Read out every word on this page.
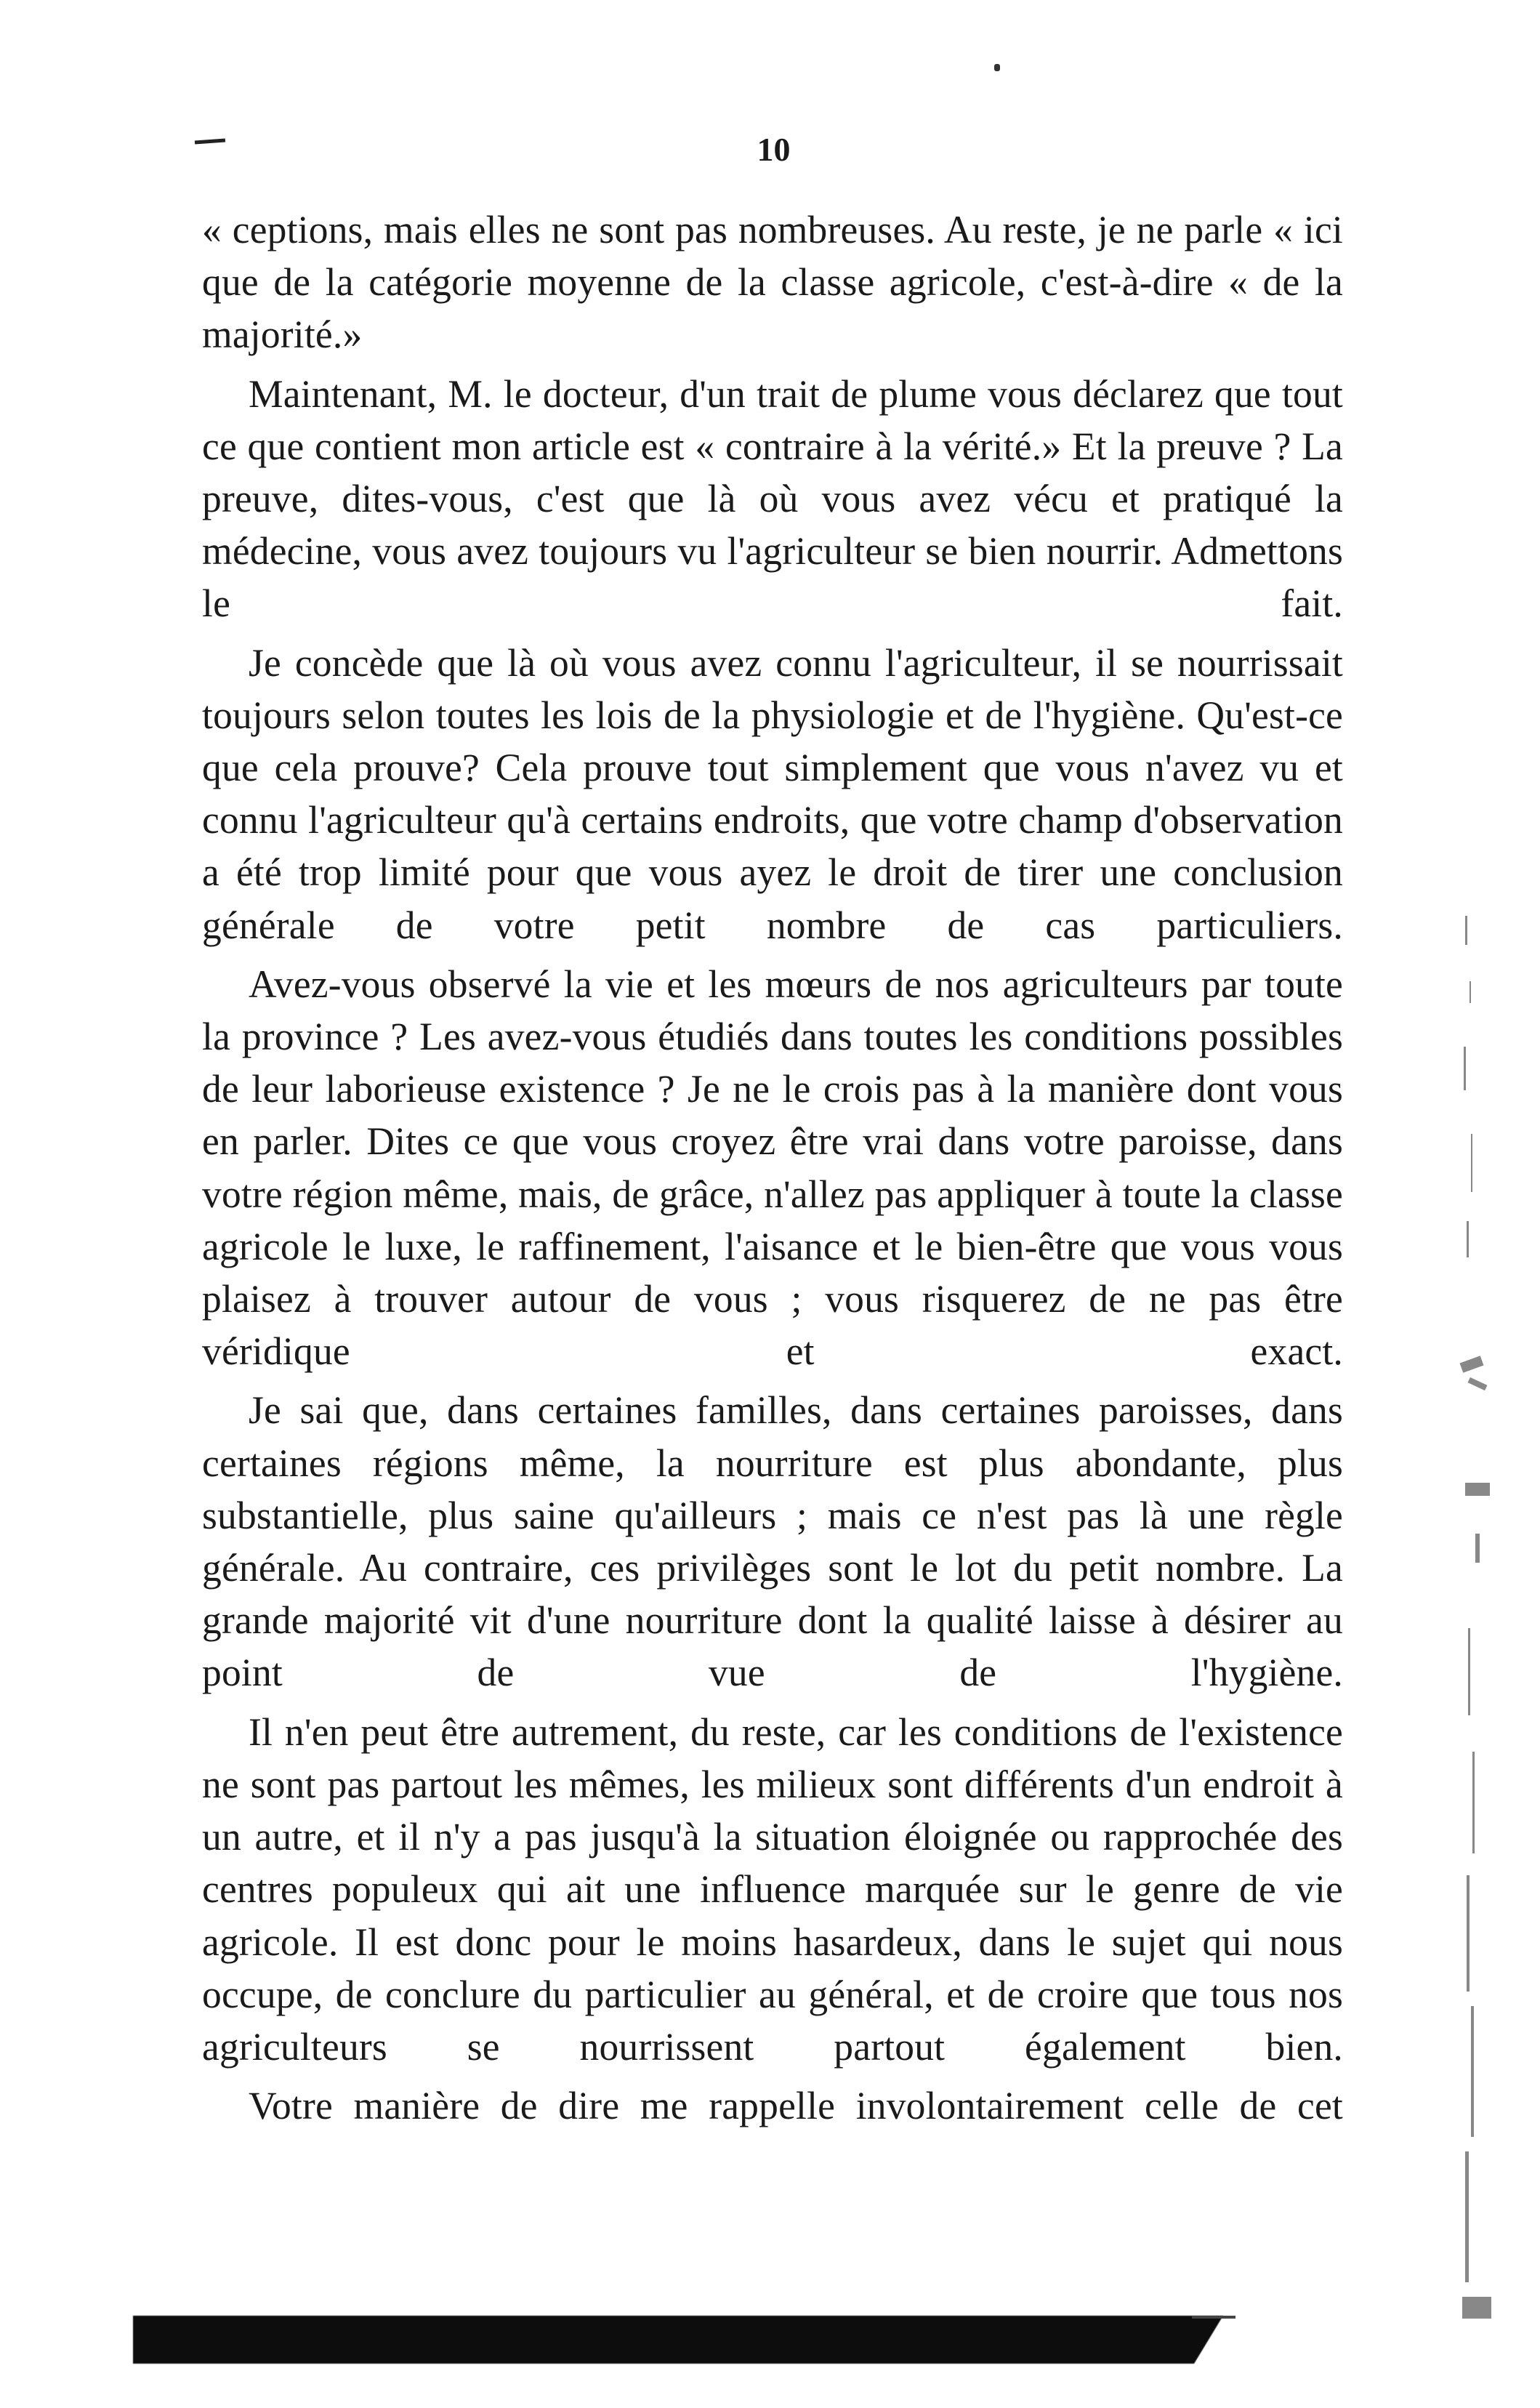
10

« ceptions, mais elles ne sont pas nombreuses. Au reste, je ne parle « ici que de la catégorie moyenne de la classe agricole, c'est-à-dire « de la majorité.»

Maintenant, M. le docteur, d'un trait de plume vous déclarez que tout ce que contient mon article est « contraire à la vérité.» Et la preuve ? La preuve, dites-vous, c'est que là où vous avez vécu et pratiqué la médecine, vous avez toujours vu l'agriculteur se bien nourrir. Admettons le fait.

Je concède que là où vous avez connu l'agriculteur, il se nourrissait toujours selon toutes les lois de la physiologie et de l'hygiène. Qu'est-ce que cela prouve? Cela prouve tout simplement que vous n'avez vu et connu l'agriculteur qu'à certains endroits, que votre champ d'observation a été trop limité pour que vous ayez le droit de tirer une conclusion générale de votre petit nombre de cas particuliers.

Avez-vous observé la vie et les mœurs de nos agriculteurs par toute la province ? Les avez-vous étudiés dans toutes les conditions possibles de leur laborieuse existence ? Je ne le crois pas à la manière dont vous en parler. Dites ce que vous croyez être vrai dans votre paroisse, dans votre région même, mais, de grâce, n'allez pas appliquer à toute la classe agricole le luxe, le raffinement, l'aisance et le bien-être que vous vous plaisez à trouver autour de vous ; vous risquerez de ne pas être véridique et exact.

Je sai que, dans certaines familles, dans certaines paroisses, dans certaines régions même, la nourriture est plus abondante, plus substantielle, plus saine qu'ailleurs ; mais ce n'est pas là une règle générale. Au contraire, ces privilèges sont le lot du petit nombre. La grande majorité vit d'une nourriture dont la qualité laisse à désirer au point de vue de l'hygiène.

Il n'en peut être autrement, du reste, car les conditions de l'existence ne sont pas partout les mêmes, les milieux sont différents d'un endroit à un autre, et il n'y a pas jusqu'à la situation éloignée ou rapprochée des centres populeux qui ait une influence marquée sur le genre de vie agricole. Il est donc pour le moins hasardeux, dans le sujet qui nous occupe, de conclure du particulier au général, et de croire que tous nos agriculteurs se nourrissent partout également bien.

Votre manière de dire me rappelle involontairement celle de cet
